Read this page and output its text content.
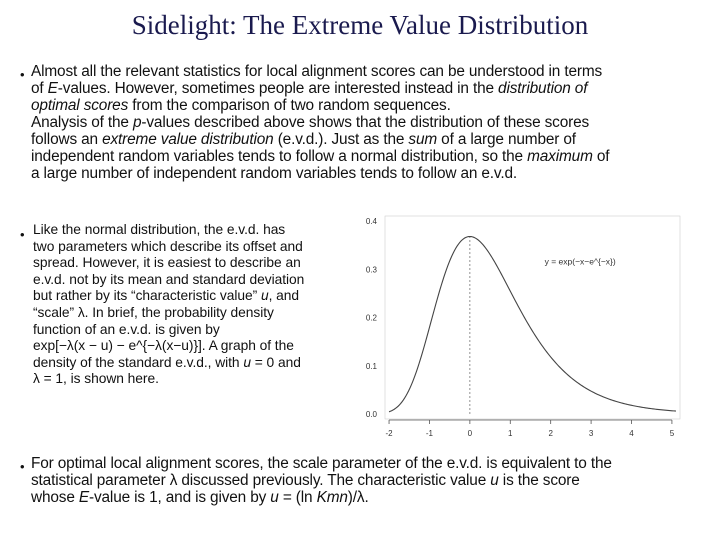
Sidelight: The Extreme Value Distribution
• Almost all the relevant statistics for local alignment scores can be understood in terms
of E-values. However, sometimes people are interested instead in the distribution of
optimal scores from the comparison of two random sequences.
Analysis of the p-values described above shows that the distribution of these scores
follows an extreme value distribution (e.v.d.). Just as the sum of a large number of
independent random variables tends to follow a normal distribution, so the maximum of
a large number of independent random variables tends to follow an e.v.d.
• Like the normal distribution, the e.v.d. has
two parameters which describe its offset and
spread. However, it is easiest to describe an
e.v.d. not by its mean and standard deviation
but rather by its “characteristic value” u, and
“scale” λ. In brief, the probability density
function of an e.v.d. is given by
exp[−λ(x − u) − e^{−λ(x−u)}]. A graph of the
density of the standard e.v.d., with u = 0 and
λ = 1, is shown here.
0.0
0.1
0.2
0.3
0.4
-2	-1	0	1	2	3	4	5
y = exp(−x−e^{−x})
• For optimal local alignment scores, the scale parameter of the e.v.d. is equivalent to the
statistical parameter λ discussed previously. The characteristic value u is the score
whose E-value is 1, and is given by u = (ln Kmn)/λ.
